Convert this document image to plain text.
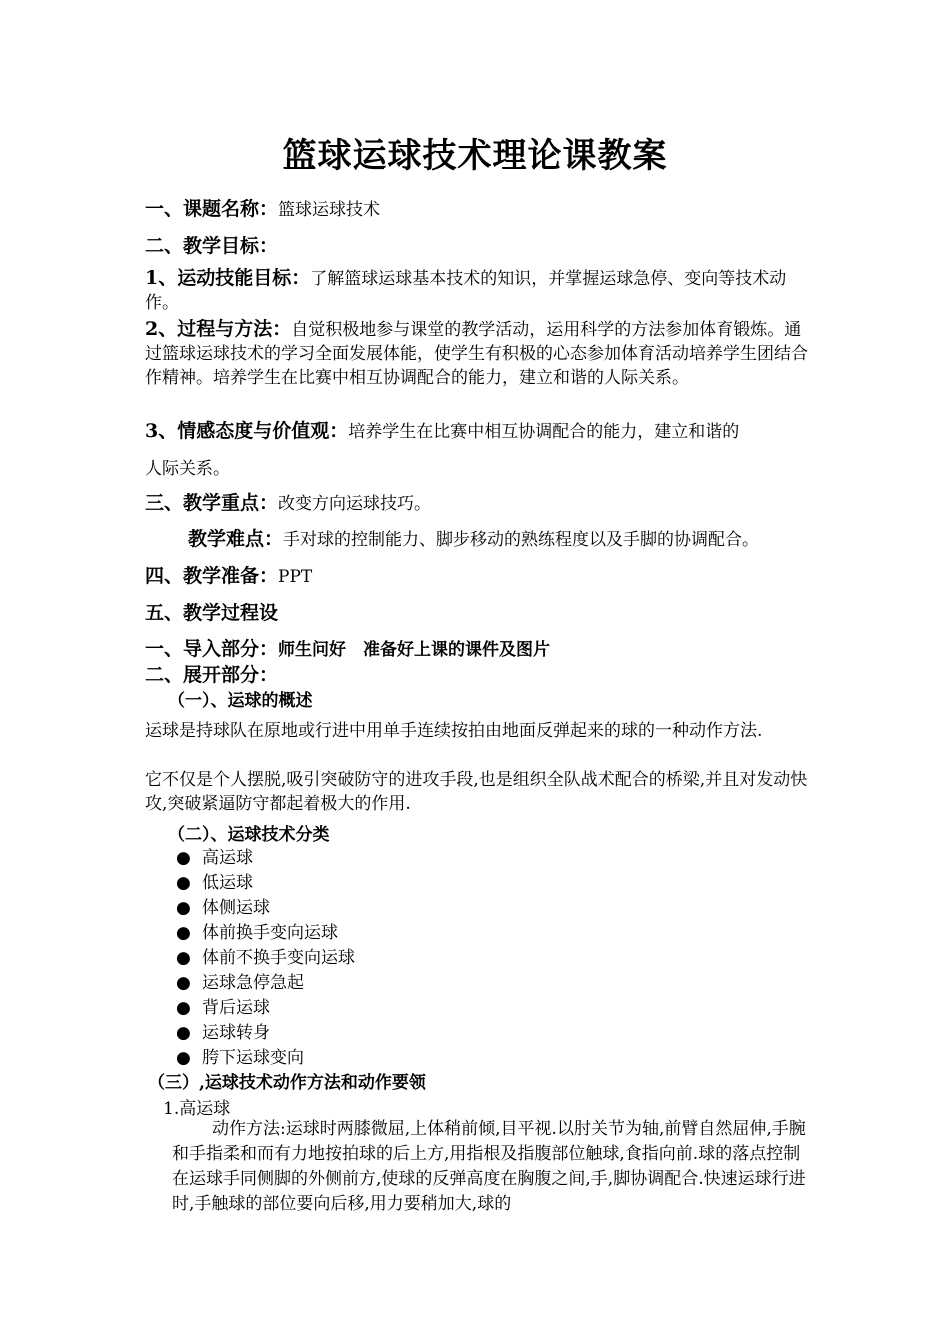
篮球运球技术理论课教案
一、课题名称：篮球运球技术
二、教学目标：
1、运动技能目标：了解篮球运球基本技术的知识，并掌握运球急停、变向等技术动作。
2、过程与方法：自觉积极地参与课堂的教学活动，运用科学的方法参加体育锻炼。通过篮球运球技术的学习全面发展体能，使学生有积极的心态参加体育活动培养学生团结合作精神。培养学生在比赛中相互协调配合的能力，建立和谐的人际关系。
3、情感态度与价值观：培养学生在比赛中相互协调配合的能力，建立和谐的
人际关系。
三、教学重点：改变方向运球技巧。
教学难点：手对球的控制能力、脚步移动的熟练程度以及手脚的协调配合。
四、教学准备：PPT
五、教学过程设
一、导入部分：师生问好　准备好上课的课件及图片
二、展开部分：
（一）、运球的概述
运球是持球队在原地或行进中用单手连续按拍由地面反弹起来的球的一种动作方法.
它不仅是个人摆脱,吸引突破防守的进攻手段,也是组织全队战术配合的桥梁,并且对发动快攻,突破紧逼防守都起着极大的作用.
（二）、运球技术分类
● 高运球
● 低运球
● 体侧运球
● 体前换手变向运球
● 体前不换手变向运球
● 运球急停急起
● 背后运球
● 运球转身
● 胯下运球变向
（三）,运球技术动作方法和动作要领
1.高运球
动作方法:运球时两膝微屈,上体稍前倾,目平视.以肘关节为轴,前臂自然屈伸,手腕和手指柔和而有力地按拍球的后上方,用指根及指腹部位触球,食指向前.球的落点控制在运球手同侧脚的外侧前方,使球的反弹高度在胸腹之间,手,脚协调配合.快速运球行进时,手触球的部位要向后移,用力要稍加大,球的
